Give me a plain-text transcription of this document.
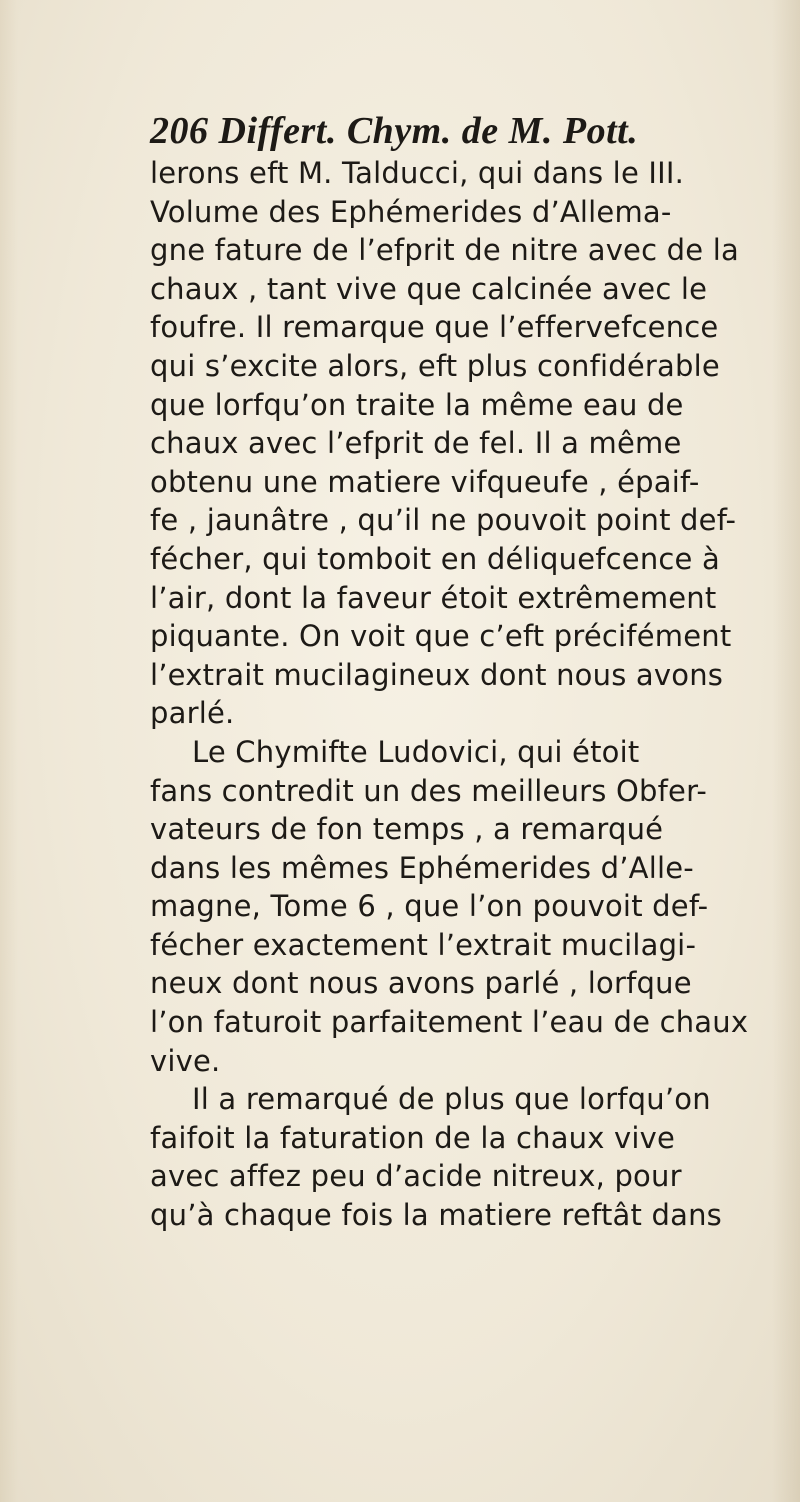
206 Differt. Chym. de M. Pott.
lerons eft M. Talducci, qui dans le III.
Volume des Ephémerides d’Allema-
gne fature de l’efprit de nitre avec de la
chaux , tant vive que calcinée avec le
foufre. Il remarque que l’effervefcence
qui s’excite alors, eft plus confidérable
que lorfqu’on traite la même eau de
chaux avec l’efprit de fel. Il a même
obtenu une matiere vifqueufe , épaif-
fe , jaunâtre , qu’il ne pouvoit point def-
fécher, qui tomboit en déliquefcence à
l’air, dont la faveur étoit extrêmement
piquante. On voit que c’eft précifément
l’extrait mucilagineux dont nous avons
parlé.
Le Chymifte Ludovici, qui étoit
fans contredit un des meilleurs Obfer-
vateurs de fon temps , a remarqué
dans les mêmes Ephémerides d’Alle-
magne, Tome 6 , que l’on pouvoit def-
fécher exactement l’extrait mucilagi-
neux dont nous avons parlé , lorfque
l’on faturoit parfaitement l’eau de chaux
vive.
Il a remarqué de plus que lorfqu’on
faifoit la faturation de la chaux vive
avec affez peu d’acide nitreux, pour
qu’à chaque fois la matiere reftât dans
